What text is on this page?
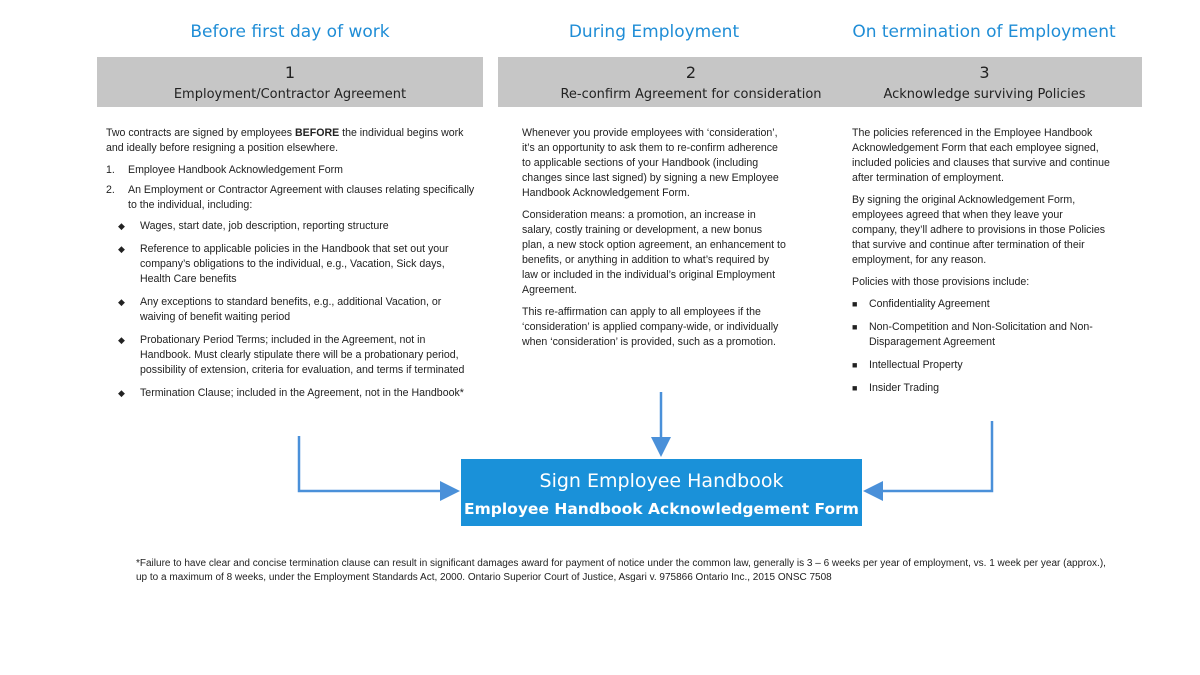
Before first day of work	During Employment	On termination of Employment
1
Employment/Contractor Agreement
2
Re-confirm Agreement for consideration
3
Acknowledge surviving Policies

Two contracts are signed by employees BEFORE the individual begins work and ideally before resigning a position elsewhere.

1. Employee Handbook Acknowledgement Form
2. An Employment or Contractor Agreement with clauses relating specifically to the individual, including:
◆ Wages, start date, job description, reporting structure
◆ Reference to applicable policies in the Handbook that set out your company’s obligations to the individual, e.g., Vacation, Sick days, Health Care benefits
◆ Any exceptions to standard benefits, e.g., additional Vacation, or waiving of benefit waiting period
◆ Probationary Period Terms; included in the Agreement, not in Handbook. Must clearly stipulate there will be a probationary period, possibility of extension, criteria for evaluation, and terms if terminated
◆ Termination Clause; included in the Agreement, not in the Handbook*

Whenever you provide employees with ‘consideration’, it’s an opportunity to ask them to re-confirm adherence to applicable sections of your Handbook (including changes since last signed) by signing a new Employee Handbook Acknowledgement Form.

Consideration means: a promotion, an increase in salary, costly training or development, a new bonus plan, a new stock option agreement, an enhancement to benefits, or anything in addition to what’s required by law or included in the individual’s original Employment Agreement.

This re-affirmation can apply to all employees if the ‘consideration’ is applied company-wide, or individually when ‘consideration’ is provided, such as a promotion.

The policies referenced in the Employee Handbook Acknowledgement Form that each employee signed, included policies and clauses that survive and continue after termination of employment.

By signing the original Acknowledgement Form, employees agreed that when they leave your company, they’ll adhere to provisions in those Policies that survive and continue after termination of their employment, for any reason.

Policies with those provisions include:

■ Confidentiality Agreement
■ Non-Competition and Non-Solicitation and Non-Disparagement Agreement
■ Intellectual Property
■ Insider Trading
Sign Employee Handbook
Employee Handbook Acknowledgement Form
*Failure to have clear and concise termination clause can result in significant damages award for payment of notice under the common law, generally is 3 – 6 weeks per year of employment, vs. 1 week per year (approx.), up to a maximum of 8 weeks, under the Employment Standards Act, 2000. Ontario Superior Court of Justice, Asgari v. 975866 Ontario Inc., 2015 ONSC 7508
